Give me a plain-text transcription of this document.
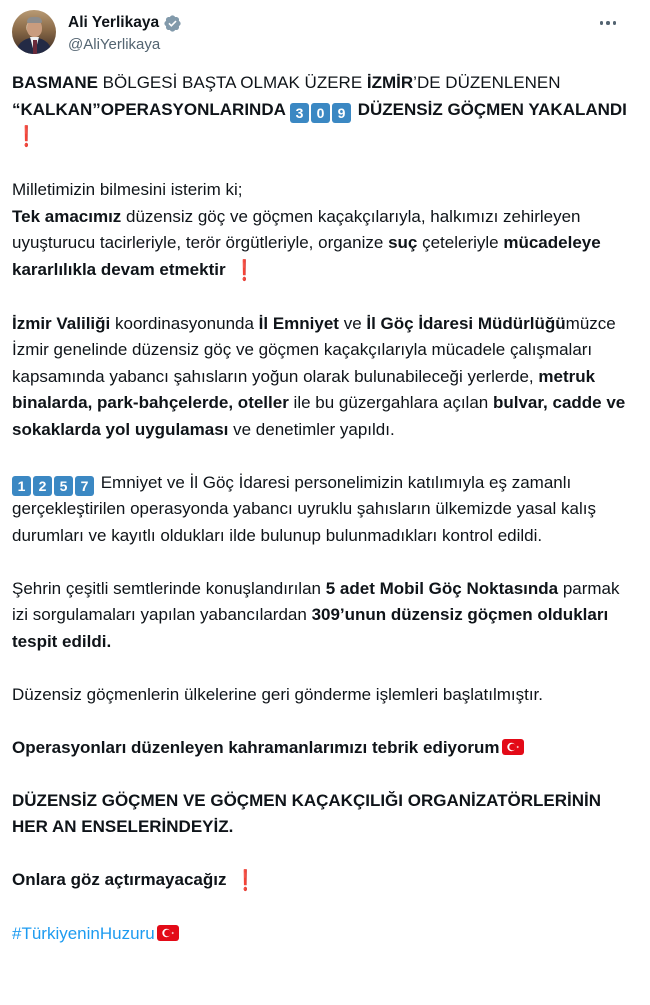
Ali Yerlikaya
@AliYerlikaya

BASMANE BÖLGESİ BAŞTA OLMAK ÜZERE İZMİR’DE DÜZENLENEN “KALKAN”OPERASYONLARINDA 3 0 9 DÜZENSİZ GÖÇMEN YAKALANDI ❗

Milletimizin bilmesini isterim ki;
Tek amacımız düzensiz göç ve göçmen kaçakçılarıyla, halkımızı zehirleyen uyuşturucu tacirleriyle, terör örgütleriyle, organize suç çeteleriyle mücadeleye kararlılıkla devam etmektir ❗

İzmir Valiliği koordinasyonunda İl Emniyet ve İl Göç İdaresi Müdürlüğümüzce İzmir genelinde düzensiz göç ve göçmen kaçakçılarıyla mücadele çalışmaları kapsamında yabancı şahısların yoğun olarak bulunabileceği yerlerde, metruk binalarda, park-bahçelerde, oteller ile bu güzergahlara açılan bulvar, cadde ve sokaklarda yol uygulaması ve denetimler yapıldı.

1 2 5 7 Emniyet ve İl Göç İdaresi personelimizin katılımıyla eş zamanlı gerçekleştirilen operasyonda yabancı uyruklu şahısların ülkemizde yasal kalış durumları ve kayıtlı oldukları ilde bulunup bulunmadıkları kontrol edildi.

Şehrin çeşitli semtlerinde konuşlandırılan 5 adet Mobil Göç Noktasında parmak izi sorgulamaları yapılan yabancılardan 309’unun düzensiz göçmen oldukları tespit edildi.

Düzensiz göçmenlerin ülkelerine geri gönderme işlemleri başlatılmıştır.

Operasyonları düzenleyen kahramanlarımızı tebrik ediyorum

DÜZENSİZ GÖÇMEN VE GÖÇMEN KAÇAKÇILIĞI ORGANİZATÖRLERİNİN HER AN ENSELERİNDEYİZ.

Onlara göz açtırmayacağız ❗

#TürkiyeninHuzuru
